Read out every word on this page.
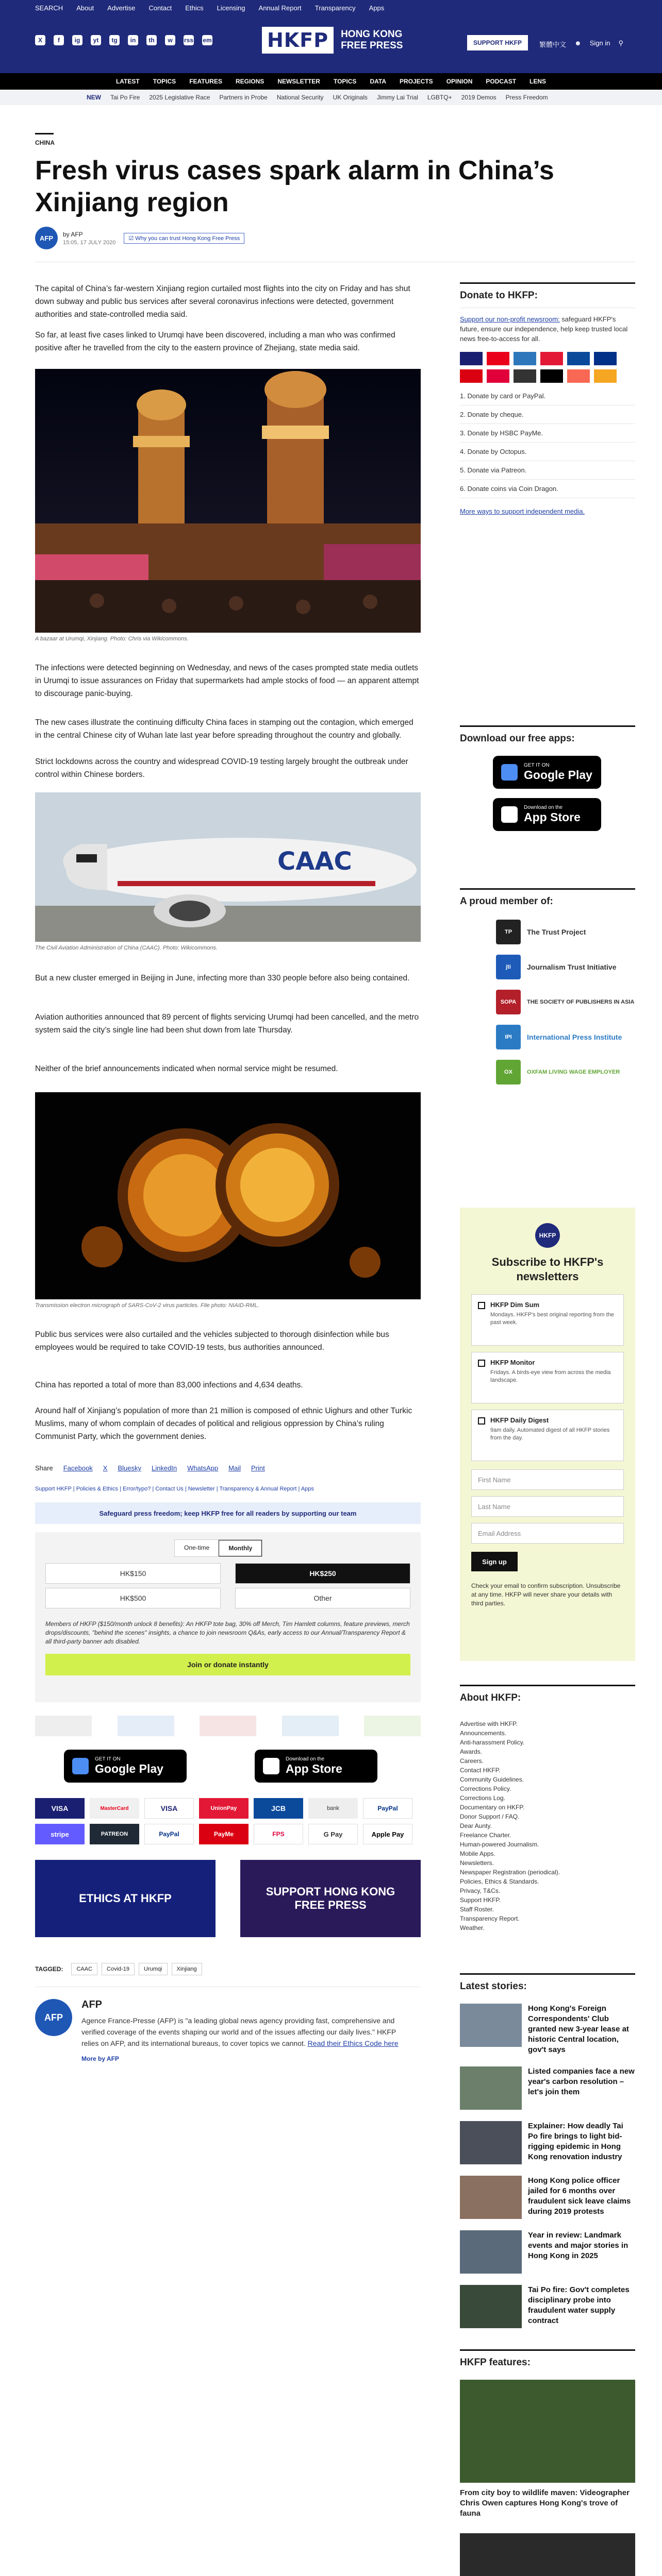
SEARCH About Advertise Contact Ethics Licensing Annual Report Transparency Apps
X	f	ig	yt	tg	in	th	w	rss em	HKFP	HONG KONG FREE PRESS	SUPPORT HKFP	繁體中文 ☻ Sign in ⚲
LATEST TOPICS FEATURES REGIONS NEWSLETTER TOPICS DATA PROJECTS OPINION PODCAST LENS
NEW Tai Po Fire 2025 Legislative Race Partners in Probe National Security UK Originals Jimmy Lai Trial LGBTQ+ 2019 Demos Press Freedom
CHINA
Fresh virus cases spark alarm in China’s Xinjiang region
AFP	by AFP
15:05, 17 JULY 2020
☑ Why you can trust Hong Kong Free Press

The capital of China’s far-western Xinjiang region curtailed most flights into the city on Friday and has shut down subway and public bus services after several coronavirus infections were detected, government authorities and state-controlled media said.

So far, at least five cases linked to Urumqi have been discovered, including a man who was confirmed positive after he travelled from the city to the eastern province of Zhejiang, state media said.

A bazaar at Urumqi, Xinjiang. Photo: Chris via Wikicommons.

The infections were detected beginning on Wednesday, and news of the cases prompted state media outlets in Urumqi to issue assurances on Friday that supermarkets had ample stocks of food — an apparent attempt to discourage panic-buying.

The new cases illustrate the continuing difficulty China faces in stamping out the contagion, which emerged in the central Chinese city of Wuhan late last year before spreading throughout the country and globally.

Strict lockdowns across the country and widespread COVID-19 testing largely brought the outbreak under control within Chinese borders.

CAAC
The Civil Aviation Administration of China (CAAC). Photo: Wikicommons.

But a new cluster emerged in Beijing in June, infecting more than 330 people before also being contained.

Aviation authorities announced that 89 percent of flights servicing Urumqi had been cancelled, and the metro system said the city’s single line had been shut down from late Thursday.

Neither of the brief announcements indicated when normal service might be resumed.

Transmission electron micrograph of SARS-CoV-2 virus particles. File photo: NIAID-RML.

Public bus services were also curtailed and the vehicles subjected to thorough disinfection while bus employees would be required to take COVID-19 tests, bus authorities announced.

China has reported a total of more than 83,000 infections and 4,634 deaths.

Around half of Xinjiang’s population of more than 21 million is composed of ethnic Uighurs and other Turkic Muslims, many of whom complain of decades of political and religious oppression by China’s ruling Communist Party, which the government denies.

Share Facebook X Bluesky LinkedIn WhatsApp Mail Print
Support HKFP | Policies & Ethics | Error/typo? | Contact Us | Newsletter | Transparency & Annual Report | Apps
Safeguard press freedom; keep HKFP free for all readers by supporting our team
One-time	Monthly
HK$150	HK$250
HK$500	Other
Members of HKFP ($150/month unlock 8 benefits): An HKFP tote bag, 30% off Merch, Tim Hamlett columns, feature previews, merch drops/discounts, "behind the scenes" insights, a chance to join newsroom Q&As, early access to our Annual/Transparency Report & all third-party banner ads disabled.
Join or donate instantly
GET IT ON
Google Play
Download on the
App Store
VISA	MasterCard	VISA	UnionPay	JCB	bank	PayPal
stripe	PATREON	PayPal	PayMe	FPS	G Pay	Apple Pay
ETHICS AT HKFP
SUPPORT HONG KONG FREE PRESS
TAGGED:	CAAC	Covid-19	Urumqi	Xinjiang
AFP
AFP
Agence France-Presse (AFP) is "a leading global news agency providing fast, comprehensive and verified coverage of the events shaping our world and of the issues affecting our daily lives." HKFP relies on AFP, and its international bureaus, to cover topics we cannot. Read their Ethics Code here
More by AFP
Donate to HKFP:
Support our non-profit newsroom: safeguard HKFP's future, ensure our independence, help keep trusted local news free-to-access for all.
1. Donate by card or PayPal.
2. Donate by cheque.
3. Donate by HSBC PayMe.
4. Donate by Octopus.
5. Donate via Patreon.
6. Donate coins via Coin Dragon.
More ways to support independent media.
Download our free apps:
GET IT ON
Google Play
Download on the
App Store
A proud member of:
TP	The Trust Project
jti	Journalism Trust Initiative
SOPA	THE SOCIETY OF PUBLISHERS IN ASIA
IPI	International Press Institute
OX	OXFAM LIVING WAGE EMPLOYER
HKFP
Subscribe to HKFP's newsletters
HKFP Dim Sum
Mondays. HKFP's best original reporting from the past week.
HKFP Monitor
Fridays. A birds-eye view from across the media landscape.
HKFP Daily Digest
9am daily. Automated digest of all HKFP stories from the day.
First Name
Last Name
Email Address
Sign up
Check your email to confirm subscription. Unsubscribe at any time. HKFP will never share your details with third parties.
About HKFP:
Advertise with HKFP.
Announcements.
Anti-harassment Policy.
Awards.
Careers.
Contact HKFP.
Community Guidelines.
Corrections Policy.
Corrections Log.
Documentary on HKFP.
Donor Support / FAQ.
Dear Aunty.
Freelance Charter.
Human-powered Journalism.
Mobile Apps.
Newsletters.
Newspaper Registration (periodical).
Policies, Ethics & Standards.
Privacy, T&Cs.
Support HKFP.
Staff Roster.
Transparency Report.
Weather.
Latest stories:
Hong Kong's Foreign Correspondents' Club granted new 3-year lease at historic Central location, gov't says
Listed companies face a new year's carbon resolution – let's join them
Explainer: How deadly Tai Po fire brings to light bid-rigging epidemic in Hong Kong renovation industry
Hong Kong police officer jailed for 6 months over fraudulent sick leave claims during 2019 protests
Year in review: Landmark events and major stories in Hong Kong in 2025
Tai Po fire: Gov't completes disciplinary probe into fraudulent water supply contract
HKFP features:
From city boy to wildlife maven: Videographer Chris Owen captures Hong Kong's trove of fauna
